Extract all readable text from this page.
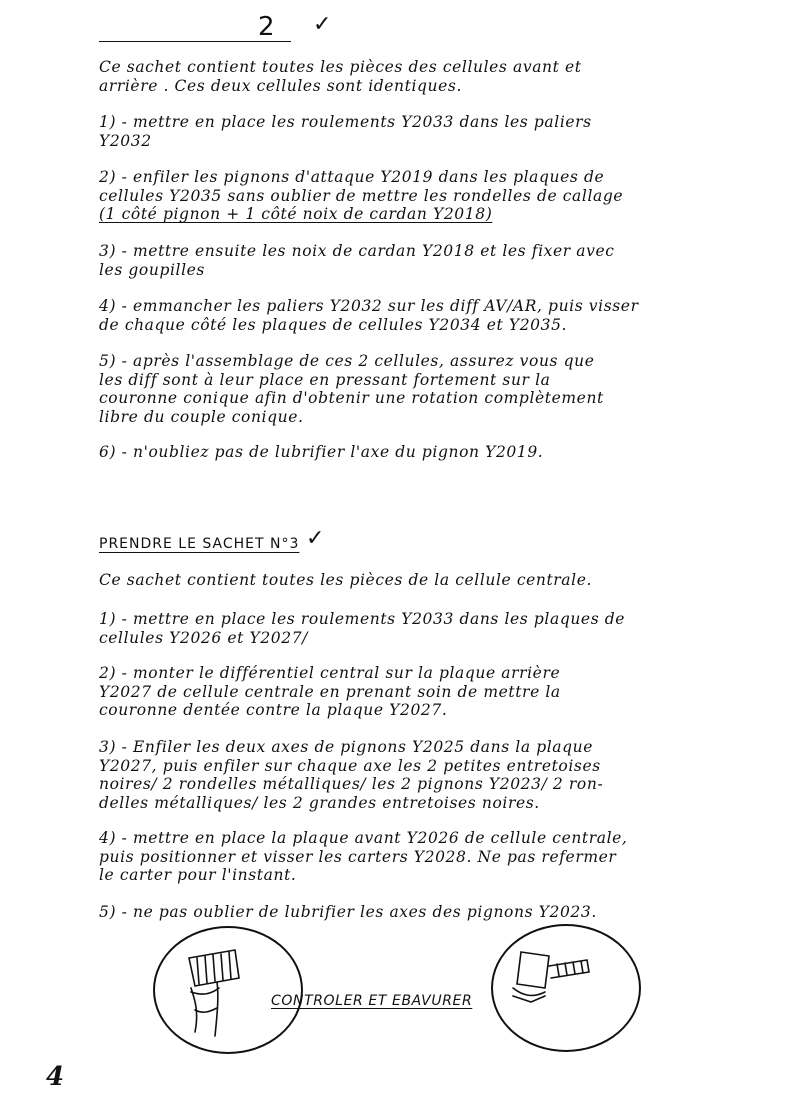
2 ✓

Ce sachet contient toutes les pièces des cellules avant et
arrière . Ces deux cellules sont identiques.

1) - mettre en place les roulements Y2033 dans les paliers
Y2032

2) - enfiler les pignons d'attaque Y2019 dans les plaques de
cellules Y2035 sans oublier de mettre les rondelles de callage
(1 côté pignon + 1 côté noix de cardan Y2018)

3) - mettre ensuite les noix de cardan Y2018 et les fixer avec
les goupilles

4) - emmancher les paliers Y2032 sur les diff AV/AR, puis visser
de chaque côté les plaques de cellules Y2034 et Y2035.

5) - après l'assemblage de ces 2 cellules, assurez vous que
les diff sont à leur place en pressant fortement sur la
couronne conique afin d'obtenir une rotation complètement
libre du couple conique.

6) - n'oubliez pas de lubrifier l'axe du pignon Y2019.

PRENDRE LE SACHET N°3 ✓

Ce sachet contient toutes les pièces de la cellule centrale.

1) - mettre en place les roulements Y2033 dans les plaques de
cellules Y2026 et Y2027/

2) - monter le différentiel central sur la plaque arrière
Y2027 de cellule centrale en prenant soin de mettre la
couronne dentée contre la plaque Y2027.

3) - Enfiler les deux axes de pignons Y2025 dans la plaque
Y2027, puis enfiler sur chaque axe les 2 petites entretoises
noires/ 2 rondelles métalliques/ les 2 pignons Y2023/ 2 ron-
delles métalliques/ les 2 grandes entretoises noires.

4) - mettre en place la plaque avant Y2026 de cellule centrale,
puis positionner et visser les carters Y2028. Ne pas refermer
le carter pour l'instant.

5) - ne pas oublier de lubrifier les axes des pignons Y2023.

CONTROLER ET EBAVURER
4
